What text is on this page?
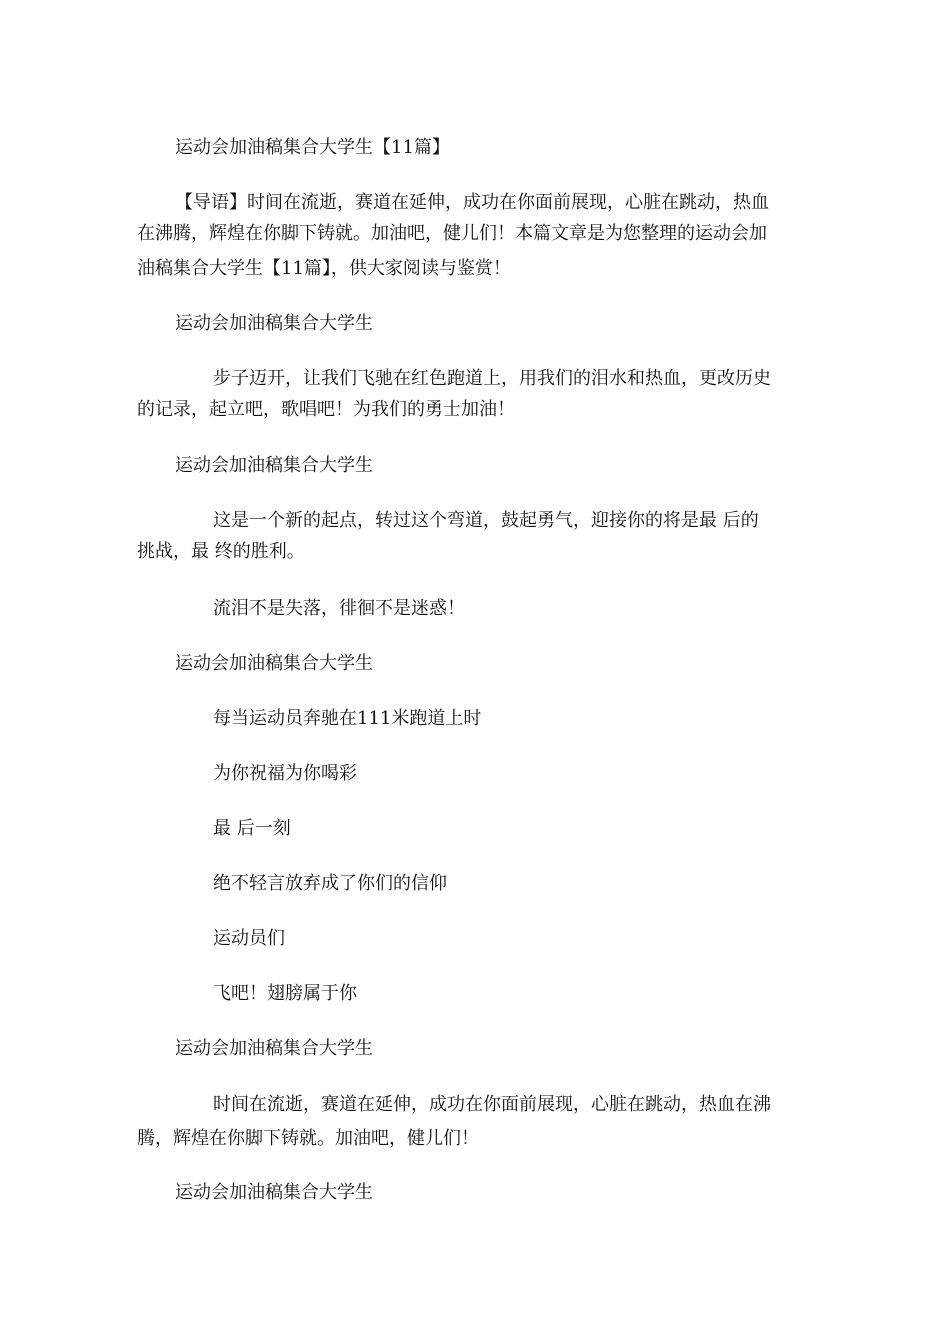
运动会加油稿集合大学生【11篇】

【导语】时间在流逝，赛道在延伸，成功在你面前展现，心脏在跳动，热血

在沸腾，辉煌在你脚下铸就。加油吧，健儿们！本篇文章是为您整理的运动会加

油稿集合大学生【11篇】，供大家阅读与鉴赏！

运动会加油稿集合大学生

步子迈开，让我们飞驰在红色跑道上，用我们的泪水和热血，更改历史

的记录，起立吧，歌唱吧！为我们的勇士加油！

运动会加油稿集合大学生

这是一个新的起点，转过这个弯道，鼓起勇气，迎接你的将是最 后的

挑战，最 终的胜利。

流泪不是失落，徘徊不是迷惑！

运动会加油稿集合大学生

每当运动员奔驰在111米跑道上时

为你祝福为你喝彩

最 后一刻

绝不轻言放弃成了你们的信仰

运动员们

飞吧！翅膀属于你

运动会加油稿集合大学生

时间在流逝，赛道在延伸，成功在你面前展现，心脏在跳动，热血在沸

腾，辉煌在你脚下铸就。加油吧，健儿们！

运动会加油稿集合大学生
